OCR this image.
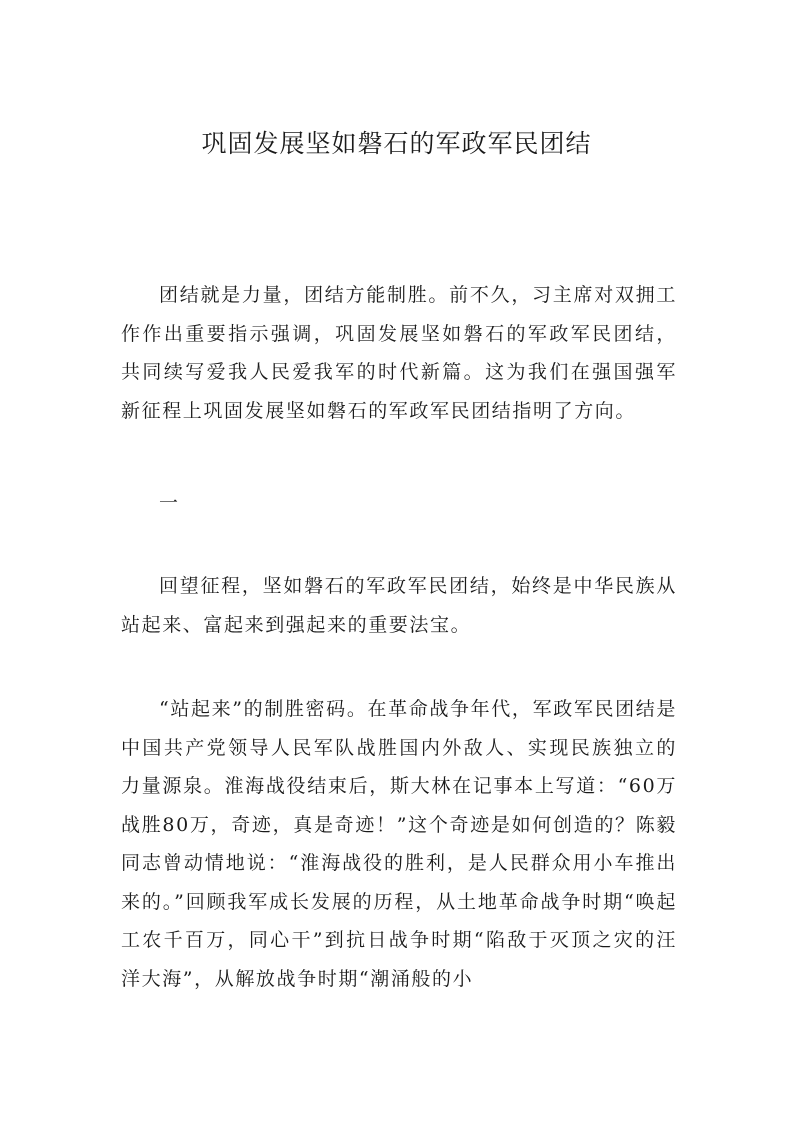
巩固发展坚如磐石的军政军民团结

团结就是力量，团结方能制胜。前不久，习主席对双拥工作作出重要指示强调，巩固发展坚如磐石的军政军民团结，共同续写爱我人民爱我军的时代新篇。这为我们在强国强军新征程上巩固发展坚如磐石的军政军民团结指明了方向。

一

回望征程，坚如磐石的军政军民团结，始终是中华民族从站起来、富起来到强起来的重要法宝。

“站起来”的制胜密码。在革命战争年代，军政军民团结是中国共产党领导人民军队战胜国内外敌人、实现民族独立的力量源泉。淮海战役结束后，斯大林在记事本上写道：“60万战胜80万，奇迹，真是奇迹！”这个奇迹是如何创造的？陈毅同志曾动情地说：“淮海战役的胜利，是人民群众用小车推出来的。”回顾我军成长发展的历程，从土地革命战争时期“唤起工农千百万，同心干”到抗日战争时期“陷敌于灭顶之灾的汪洋大海”，从解放战争时期“潮涌般的小
